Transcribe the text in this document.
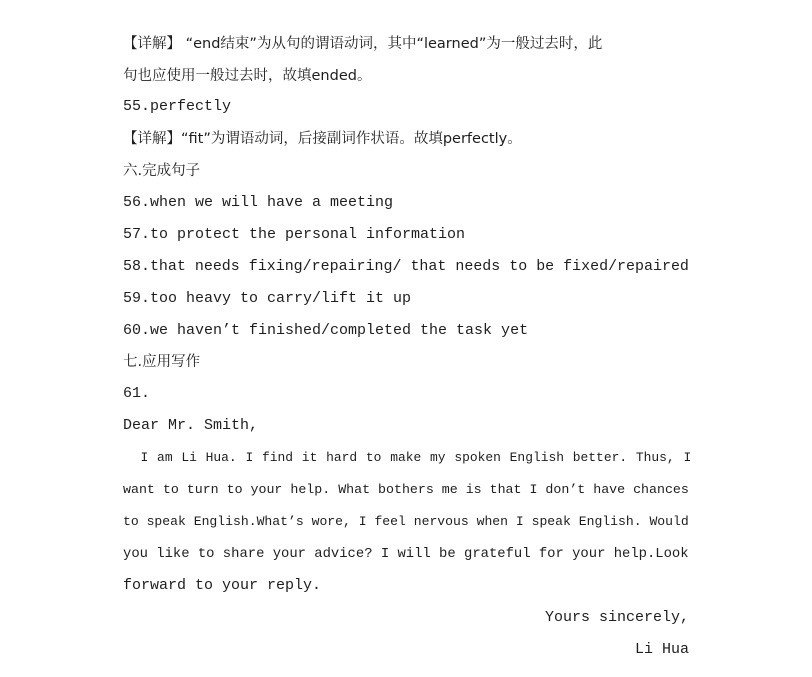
【详解】 “end结束”为从句的谓语动词，其中“learned”为一般过去时，此
句也应使用一般过去时，故填ended。
55.perfectly
【详解】“fit”为谓语动词，后接副词作状语。故填perfectly。
六.完成句子
56.when we will have a meeting
57.to protect the personal information
58.that needs fixing/repairing/ that needs to be fixed/repaired
59.too heavy to carry/lift it up
60.we haven’t finished/completed the task yet
七.应用写作
61.
Dear Mr. Smith,
I am Li Hua. I find it hard to make my spoken English better. Thus, I
want to turn to your help. What bothers me is that I don’t have chances
to speak English.What’s wore, I feel nervous when I speak English. Would
you like to share your advice? I will be grateful for your help.Look
forward to your reply.
Yours sincerely,
Li Hua
